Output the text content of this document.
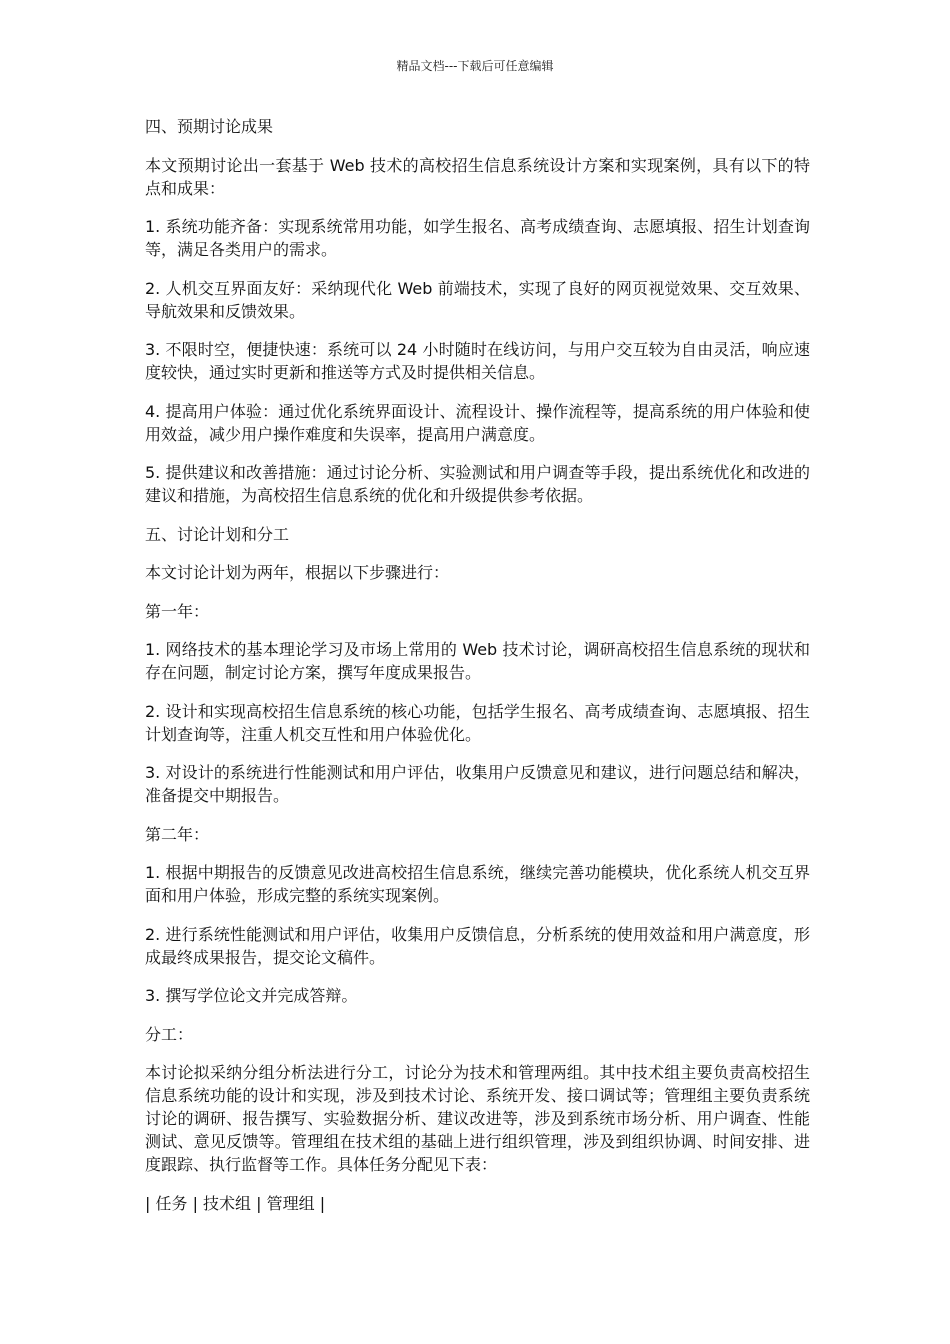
精品文档---下载后可任意编辑

四、预期讨论成果

本文预期讨论出一套基于 Web 技术的高校招生信息系统设计方案和实现案例，具有以下的特点和成果：

1. 系统功能齐备：实现系统常用功能，如学生报名、高考成绩查询、志愿填报、招生计划查询等，满足各类用户的需求。

2. 人机交互界面友好：采纳现代化 Web 前端技术，实现了良好的网页视觉效果、交互效果、导航效果和反馈效果。

3. 不限时空，便捷快速：系统可以 24 小时随时在线访问，与用户交互较为自由灵活，响应速度较快，通过实时更新和推送等方式及时提供相关信息。

4. 提高用户体验：通过优化系统界面设计、流程设计、操作流程等，提高系统的用户体验和使用效益，减少用户操作难度和失误率，提高用户满意度。

5. 提供建议和改善措施：通过讨论分析、实验测试和用户调查等手段，提出系统优化和改进的建议和措施，为高校招生信息系统的优化和升级提供参考依据。

五、讨论计划和分工

本文讨论计划为两年，根据以下步骤进行：

第一年：

1. 网络技术的基本理论学习及市场上常用的 Web 技术讨论，调研高校招生信息系统的现状和存在问题，制定讨论方案，撰写年度成果报告。

2. 设计和实现高校招生信息系统的核心功能，包括学生报名、高考成绩查询、志愿填报、招生计划查询等，注重人机交互性和用户体验优化。

3. 对设计的系统进行性能测试和用户评估，收集用户反馈意见和建议，进行问题总结和解决，准备提交中期报告。

第二年：

1. 根据中期报告的反馈意见改进高校招生信息系统，继续完善功能模块，优化系统人机交互界面和用户体验，形成完整的系统实现案例。

2. 进行系统性能测试和用户评估，收集用户反馈信息，分析系统的使用效益和用户满意度，形成最终成果报告，提交论文稿件。

3. 撰写学位论文并完成答辩。

分工：

本讨论拟采纳分组分析法进行分工，讨论分为技术和管理两组。其中技术组主要负责高校招生信息系统功能的设计和实现，涉及到技术讨论、系统开发、接口调试等；管理组主要负责系统讨论的调研、报告撰写、实验数据分析、建议改进等，涉及到系统市场分析、用户调查、性能测试、意见反馈等。管理组在技术组的基础上进行组织管理，涉及到组织协调、时间安排、进度跟踪、执行监督等工作。具体任务分配见下表：

| 任务 | 技术组 | 管理组 |
